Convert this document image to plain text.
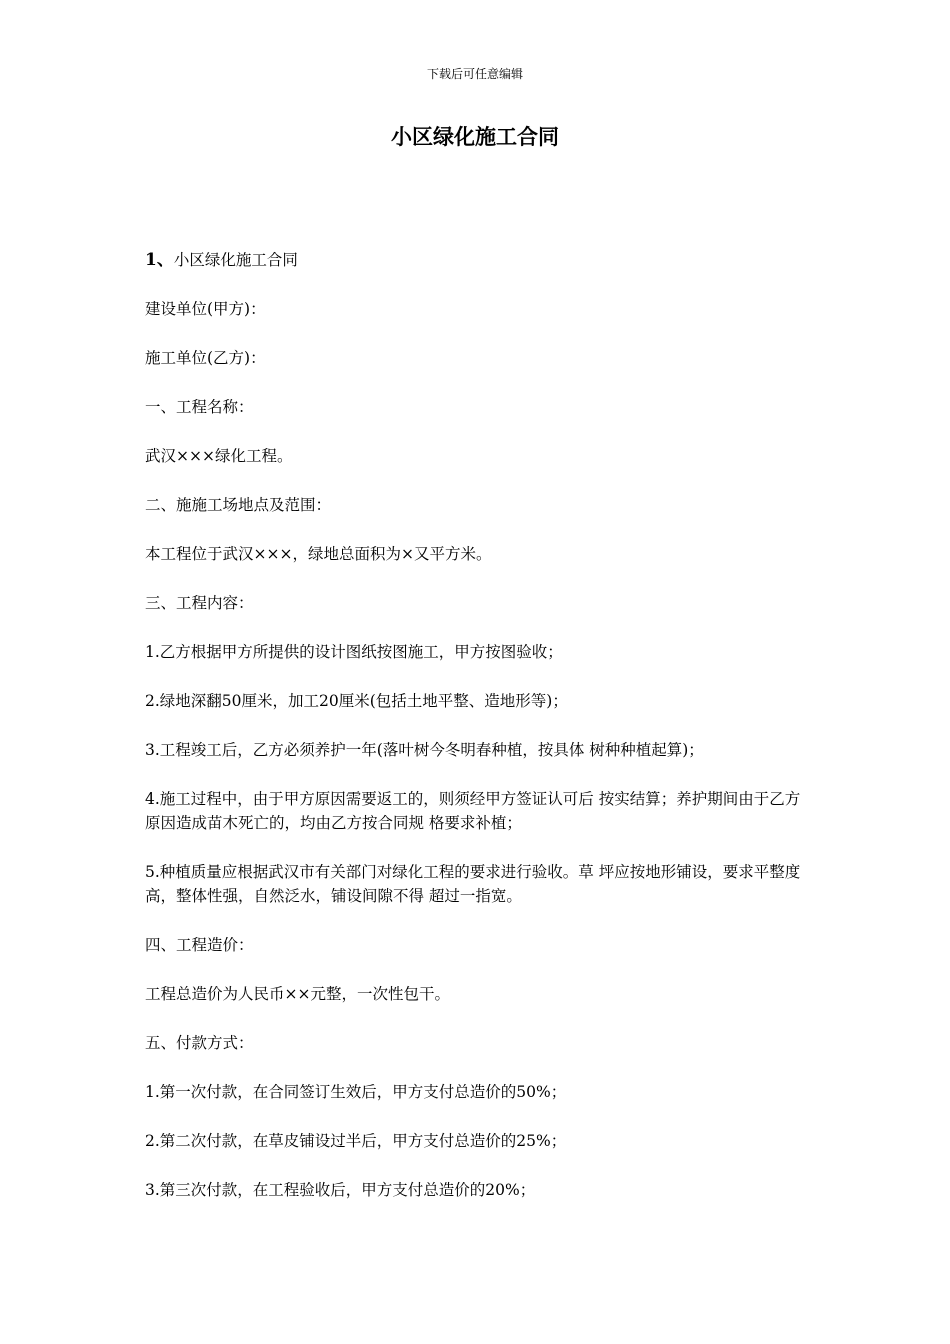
下载后可任意编辑
小区绿化施工合同

1、小区绿化施工合同

建设单位(甲方)：

施工单位(乙方)：

一、工程名称：

武汉×××绿化工程。

二、施施工场地点及范围：

本工程位于武汉×××，绿地总面积为×又平方米。

三、工程内容：

1.乙方根据甲方所提供的设计图纸按图施工，甲方按图验收；

2.绿地深翻50厘米，加工20厘米(包括土地平整、造地形等)；

3.工程竣工后，乙方必须养护一年(落叶树今冬明春种植，按具体 树种种植起算)；

4.施工过程中，由于甲方原因需要返工的，则须经甲方签证认可后 按实结算；养护期间由于乙方原因造成苗木死亡的，均由乙方按合同规 格要求补植；

5.种植质量应根据武汉市有关部门对绿化工程的要求进行验收。草 坪应按地形铺设，要求平整度高，整体性强，自然泛水，铺设间隙不得 超过一指宽。

四、工程造价：

工程总造价为人民币××元整，一次性包干。

五、付款方式：

1.第一次付款，在合同签订生效后，甲方支付总造价的50%；

2.第二次付款，在草皮铺设过半后，甲方支付总造价的25%；

3.第三次付款，在工程验收后，甲方支付总造价的20%；
